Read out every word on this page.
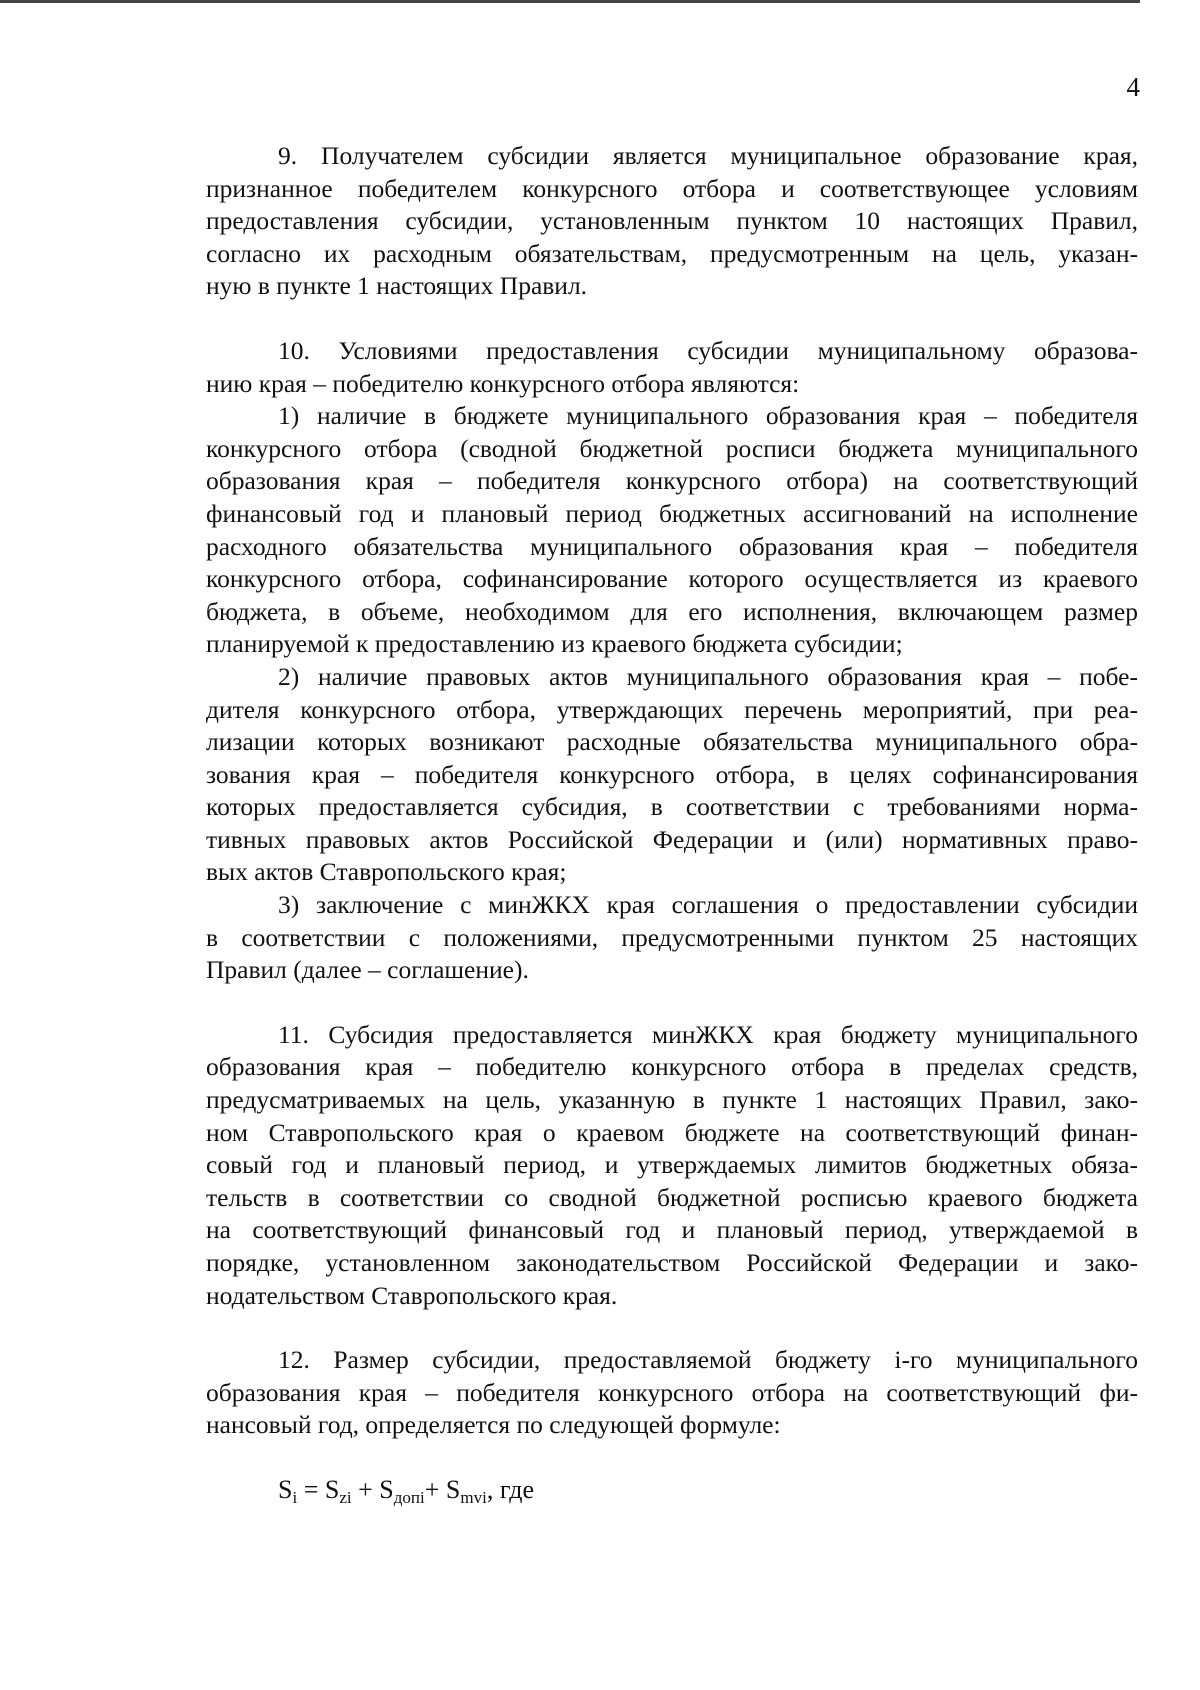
4
9. Получателем субсидии является муниципальное образование края,
признанное победителем конкурсного отбора и соответствующее условиям
предоставления субсидии, установленным пунктом 10 настоящих Правил,
согласно их расходным обязательствам, предусмотренным на цель, указан-
ную в пункте 1 настоящих Правил.
10. Условиями предоставления субсидии муниципальному образова-
нию края – победителю конкурсного отбора являются:
1) наличие в бюджете муниципального образования края – победителя
конкурсного отбора (сводной бюджетной росписи бюджета муниципального
образования края – победителя конкурсного отбора) на соответствующий
финансовый год и плановый период бюджетных ассигнований на исполнение
расходного обязательства муниципального образования края – победителя
конкурсного отбора, софинансирование которого осуществляется из краевого
бюджета, в объеме, необходимом для его исполнения, включающем размер
планируемой к предоставлению из краевого бюджета субсидии;
2) наличие правовых актов муниципального образования края – побе-
дителя конкурсного отбора, утверждающих перечень мероприятий, при реа-
лизации которых возникают расходные обязательства муниципального обра-
зования края – победителя конкурсного отбора, в целях софинансирования
которых предоставляется субсидия, в соответствии с требованиями норма-
тивных правовых актов Российской Федерации и (или) нормативных право-
вых актов Ставропольского края;
3) заключение с минЖКХ края соглашения о предоставлении субсидии
в соответствии с положениями, предусмотренными пунктом 25 настоящих
Правил (далее – соглашение).
11. Субсидия предоставляется минЖКХ края бюджету муниципального
образования края – победителю конкурсного отбора в пределах средств,
предусматриваемых на цель, указанную в пункте 1 настоящих Правил, зако-
ном Ставропольского края о краевом бюджете на соответствующий финан-
совый год и плановый период, и утверждаемых лимитов бюджетных обяза-
тельств в соответствии со сводной бюджетной росписью краевого бюджета
на соответствующий финансовый год и плановый период, утверждаемой в
порядке, установленном законодательством Российской Федерации и зако-
нодательством Ставропольского края.
12. Размер субсидии, предоставляемой бюджету i-го муниципального
образования края – победителя конкурсного отбора на соответствующий фи-
нансовый год, определяется по следующей формуле:
$S_i = S_{zi} + S_{допi}+ S_{mvi}$, где
